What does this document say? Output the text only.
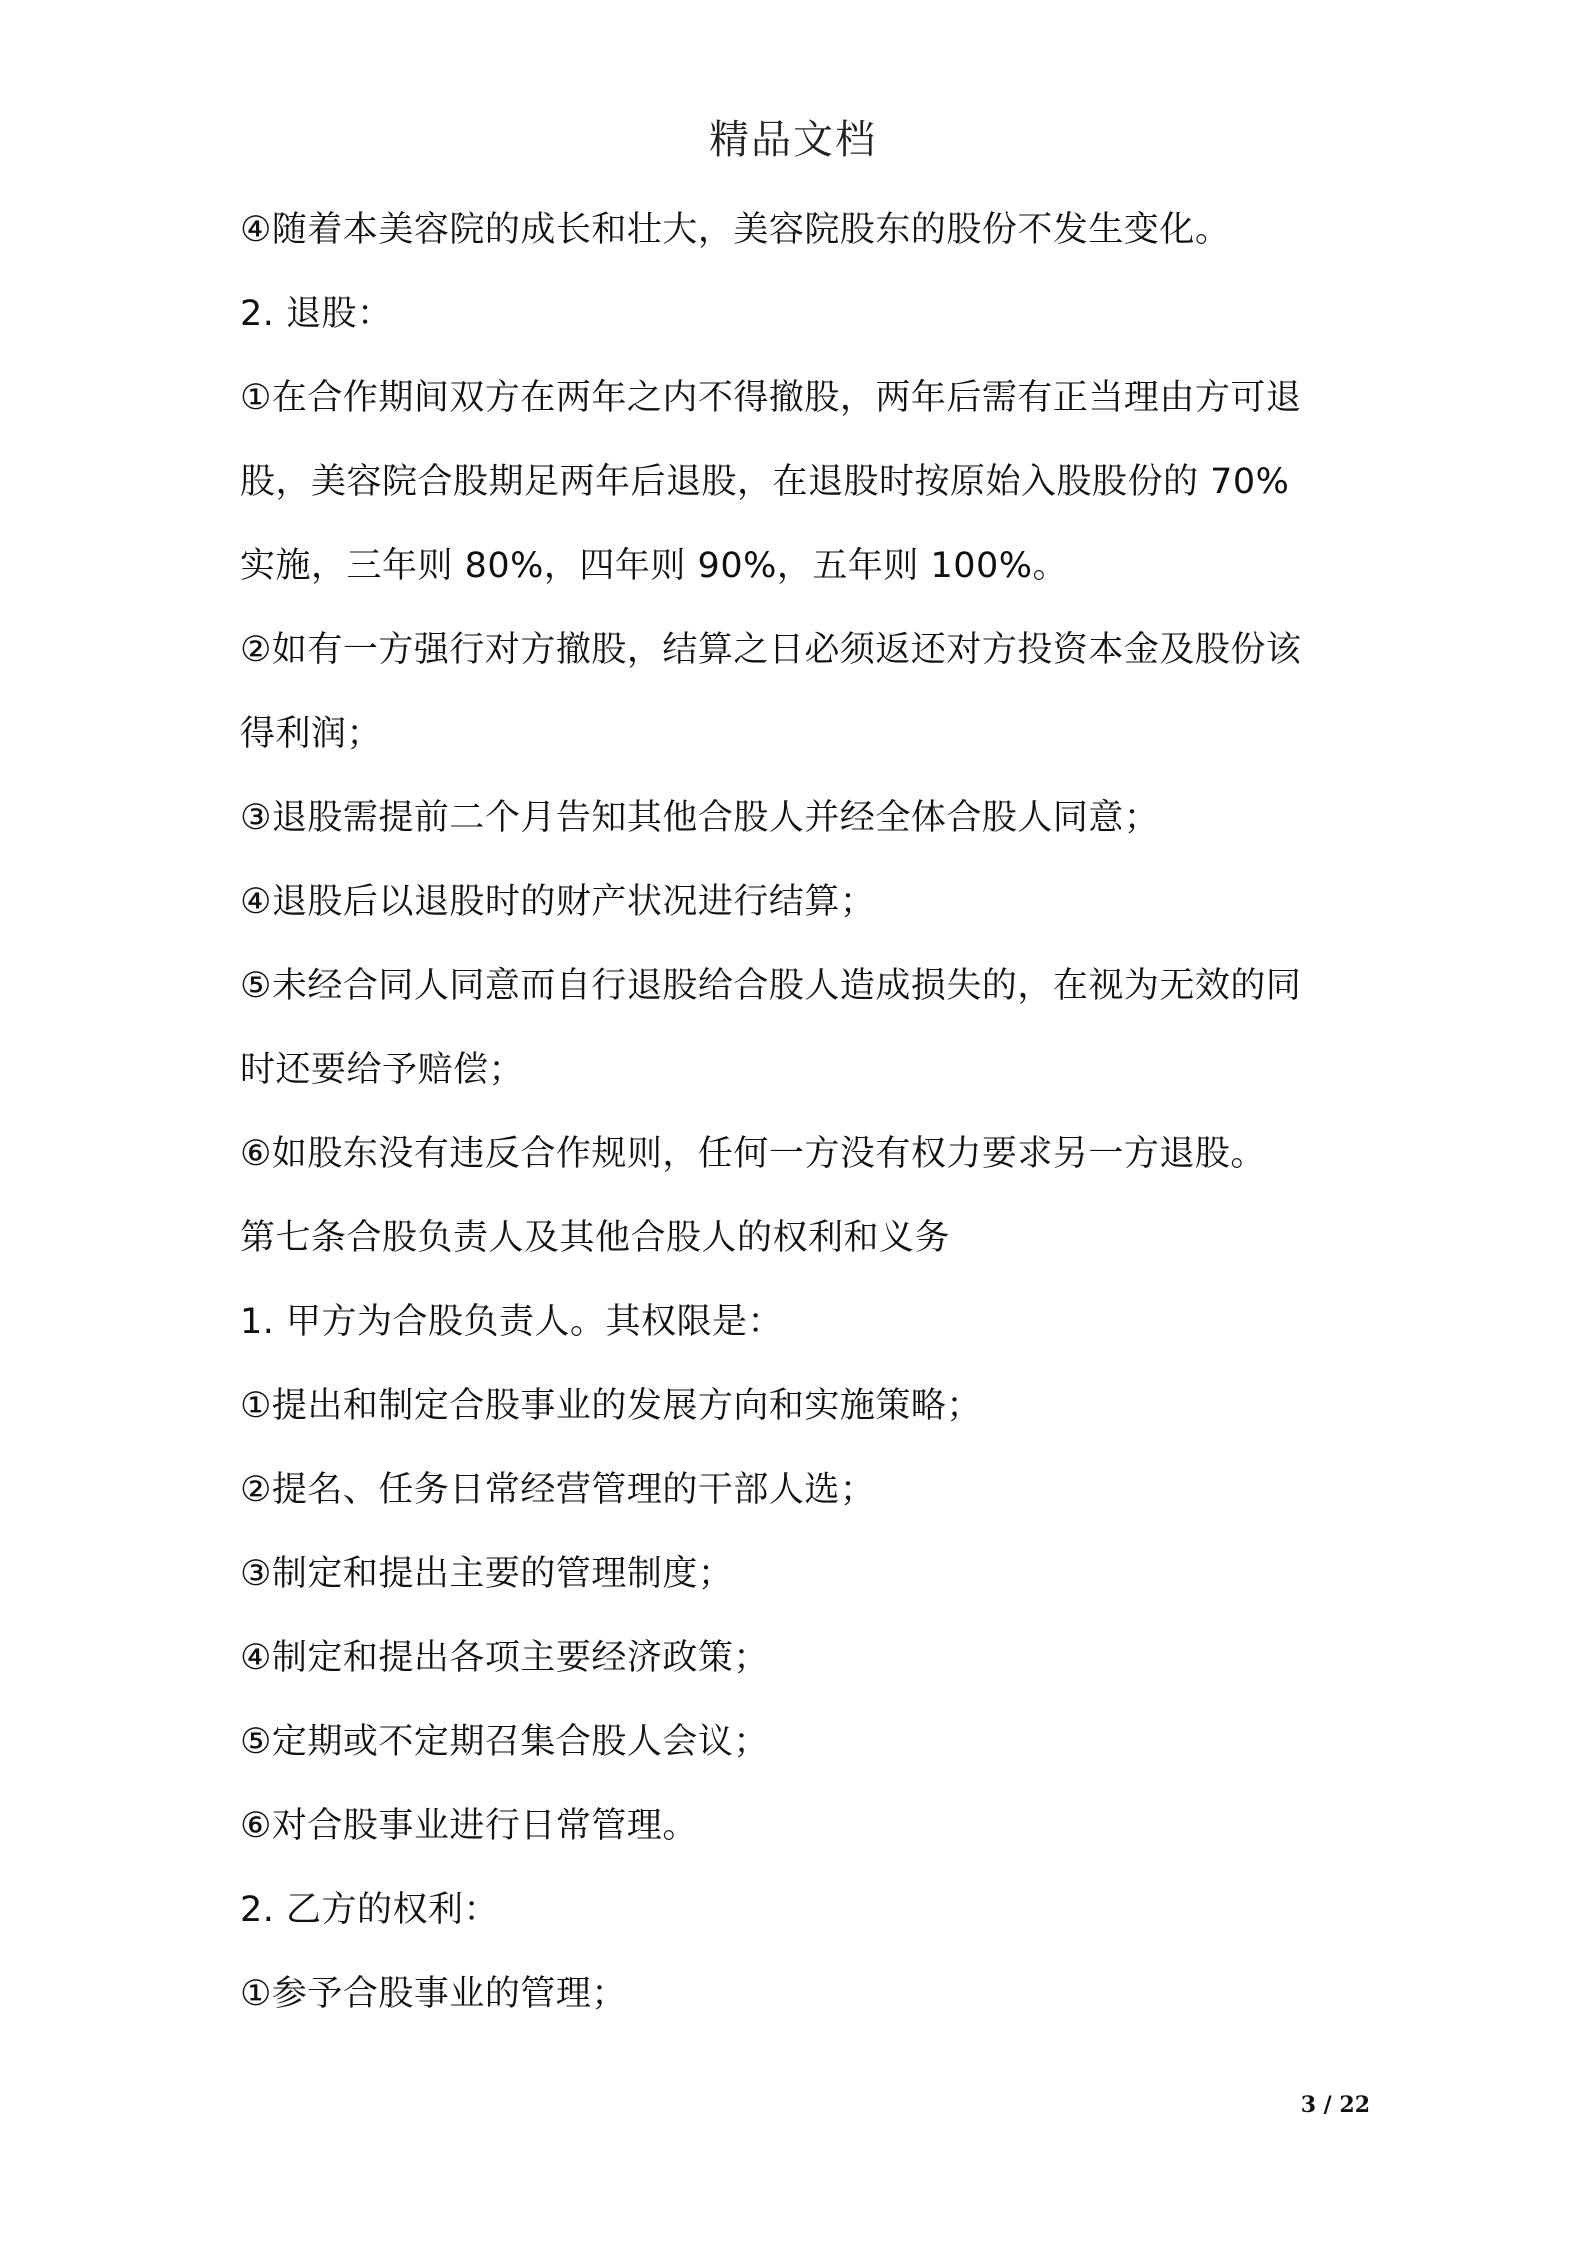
精品文档
④随着本美容院的成长和壮大，美容院股东的股份不发生变化。
2. 退股：
①在合作期间双方在两年之内不得撤股，两年后需有正当理由方可退
股，美容院合股期足两年后退股，在退股时按原始入股股份的 70%
实施，三年则 80%，四年则 90%，五年则 100%。
②如有一方强行对方撤股，结算之日必须返还对方投资本金及股份该
得利润；
③退股需提前二个月告知其他合股人并经全体合股人同意；
④退股后以退股时的财产状况进行结算；
⑤未经合同人同意而自行退股给合股人造成损失的，在视为无效的同
时还要给予赔偿；
⑥如股东没有违反合作规则，任何一方没有权力要求另一方退股。
第七条合股负责人及其他合股人的权利和义务
1. 甲方为合股负责人。其权限是：
①提出和制定合股事业的发展方向和实施策略；
②提名、任务日常经营管理的干部人选；
③制定和提出主要的管理制度；
④制定和提出各项主要经济政策；
⑤定期或不定期召集合股人会议；
⑥对合股事业进行日常管理。
2. 乙方的权利：
①参予合股事业的管理；
3 / 22
